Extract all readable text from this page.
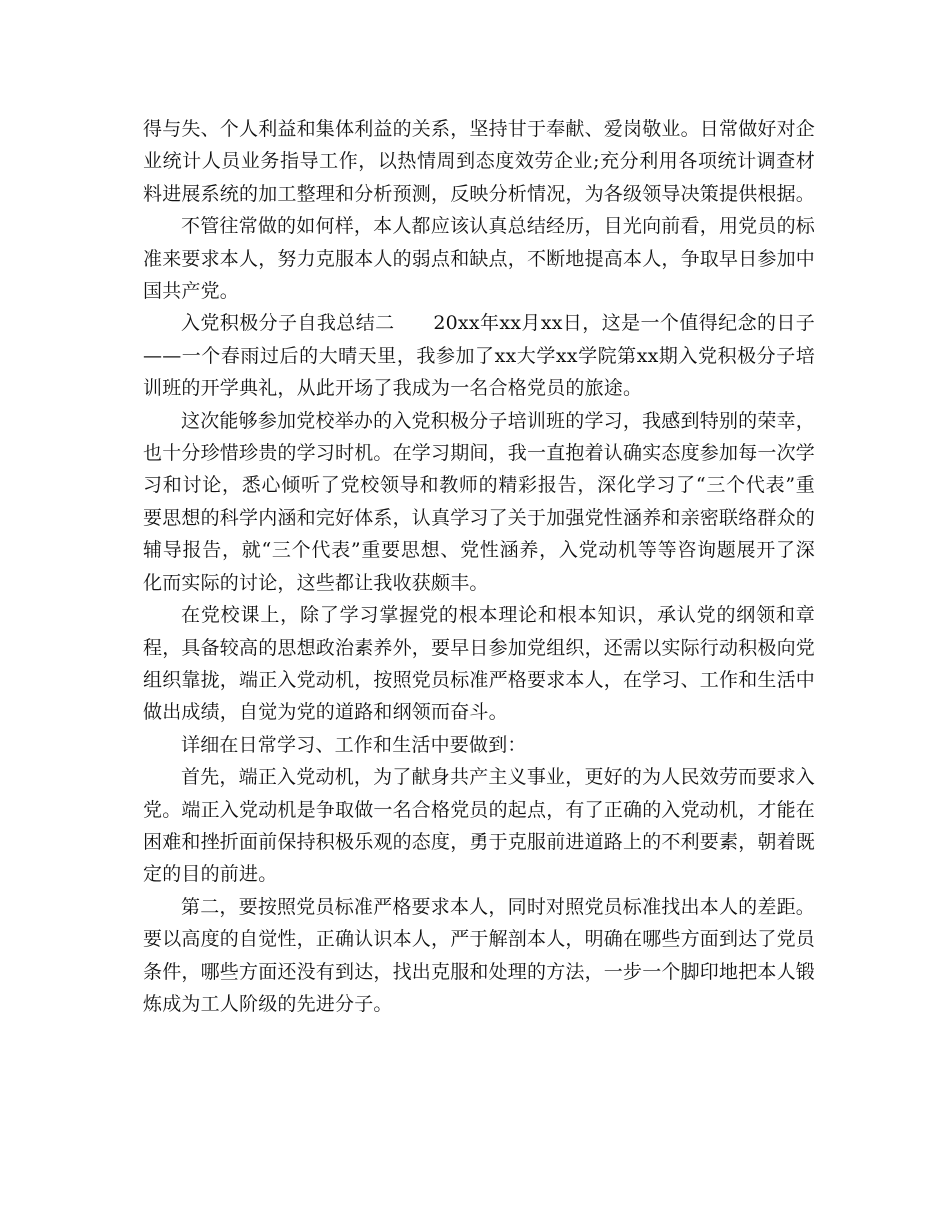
得与失、个人利益和集体利益的关系，坚持甘于奉献、爱岗敬业。日常做好对企业统计人员业务指导工作，以热情周到态度效劳企业;充分利用各项统计调查材料进展系统的加工整理和分析预测，反映分析情况，为各级领导决策提供根据。

不管往常做的如何样，本人都应该认真总结经历，目光向前看，用党员的标准来要求本人，努力克服本人的弱点和缺点，不断地提高本人，争取早日参加中国共产党。

入党积极分子自我总结二　　20xx年xx月xx日，这是一个值得纪念的日子——一个春雨过后的大晴天里，我参加了xx大学xx学院第xx期入党积极分子培训班的开学典礼，从此开场了我成为一名合格党员的旅途。

这次能够参加党校举办的入党积极分子培训班的学习，我感到特别的荣幸，也十分珍惜珍贵的学习时机。在学习期间，我一直抱着认确实态度参加每一次学习和讨论，悉心倾听了党校领导和教师的精彩报告，深化学习了“三个代表”重要思想的科学内涵和完好体系，认真学习了关于加强党性涵养和亲密联络群众的辅导报告，就“三个代表”重要思想、党性涵养，入党动机等等咨询题展开了深化而实际的讨论，这些都让我收获颇丰。

在党校课上，除了学习掌握党的根本理论和根本知识，承认党的纲领和章程，具备较高的思想政治素养外，要早日参加党组织，还需以实际行动积极向党组织靠拢，端正入党动机，按照党员标准严格要求本人，在学习、工作和生活中做出成绩，自觉为党的道路和纲领而奋斗。

详细在日常学习、工作和生活中要做到：

首先，端正入党动机，为了献身共产主义事业，更好的为人民效劳而要求入党。端正入党动机是争取做一名合格党员的起点，有了正确的入党动机，才能在困难和挫折面前保持积极乐观的态度，勇于克服前进道路上的不利要素，朝着既定的目的前进。

第二，要按照党员标准严格要求本人，同时对照党员标准找出本人的差距。要以高度的自觉性，正确认识本人，严于解剖本人，明确在哪些方面到达了党员条件，哪些方面还没有到达，找出克服和处理的方法，一步一个脚印地把本人锻炼成为工人阶级的先进分子。
